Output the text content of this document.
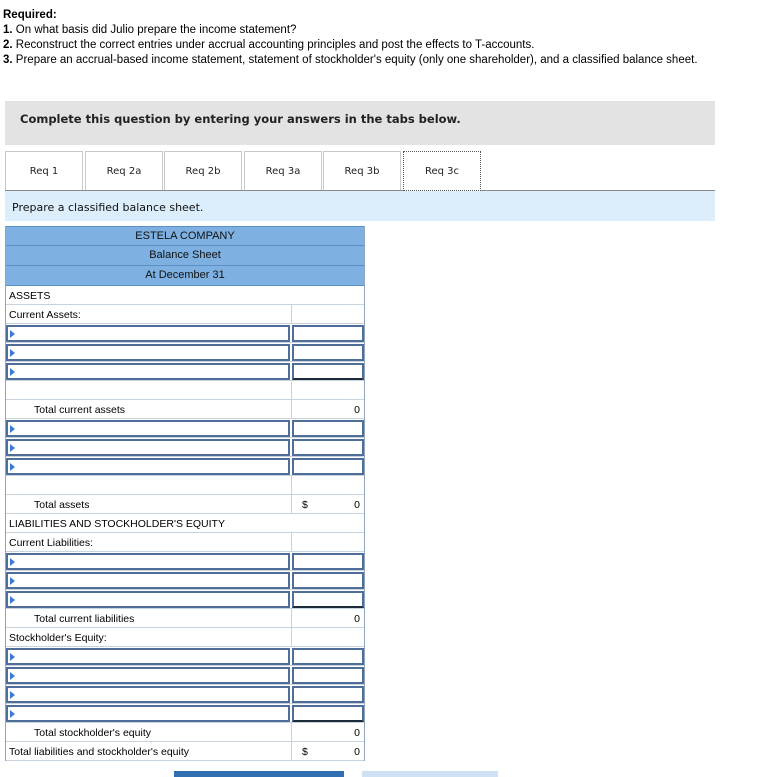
Required:
1. On what basis did Julio prepare the income statement?
2. Reconstruct the correct entries under accrual accounting principles and post the effects to T-accounts.
3. Prepare an accrual-based income statement, statement of stockholder's equity (only one shareholder), and a classified balance sheet.
Complete this question by entering your answers in the tabs below.
Req 1	Req 2a	Req 2b	Req 3a	Req 3b	Req 3c
Prepare a classified balance sheet.
ESTELA COMPANY
Balance Sheet
At December 31
ASSETS
Current Assets:
Total current assets	0
Total assets	$	0
LIABILITIES AND STOCKHOLDER'S EQUITY
Current Liabilities:
Total current liabilities	0
Stockholder's Equity:
Total stockholder's equity	0
Total liabilities and stockholder's equity	$	0
